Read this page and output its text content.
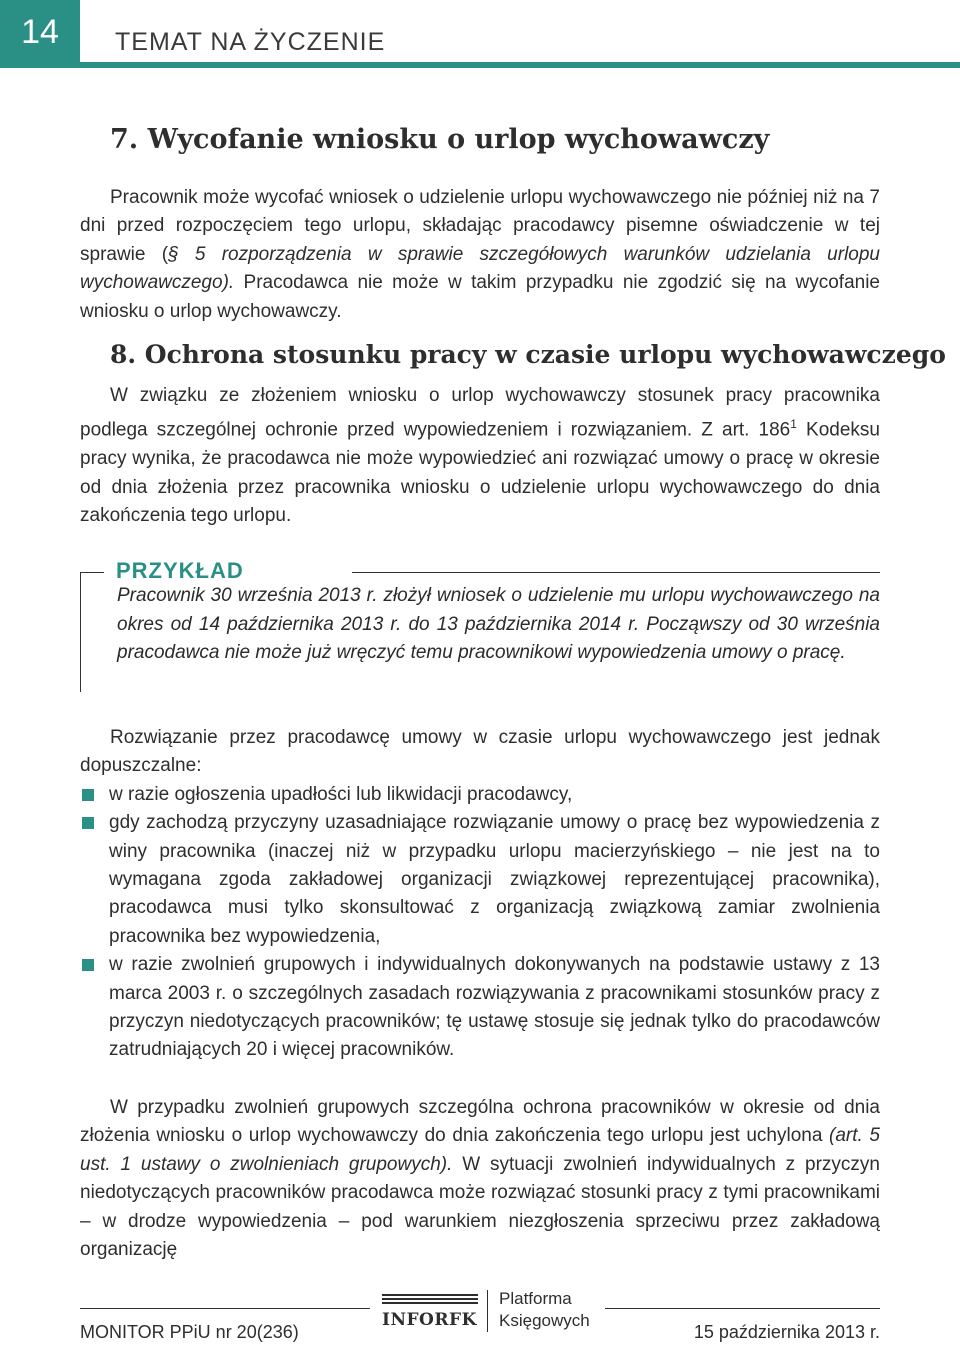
14	TEMAT NA ŻYCZENIE
7. Wycofanie wniosku o urlop wychowawczy

Pracownik może wycofać wniosek o udzielenie urlopu wychowawczego nie później niż na 7 dni przed rozpoczęciem tego urlopu, składając pracodawcy pisemne oświadczenie w tej sprawie (§ 5 rozporządzenia w sprawie szczegółowych warunków udzielania urlopu wychowawczego). Pracodawca nie może w takim przypadku nie zgodzić się na wycofanie wniosku o urlop wychowawczy.

8. Ochrona stosunku pracy w czasie urlopu wychowawczego

W związku ze złożeniem wniosku o urlop wychowawczy stosunek pracy pracownika podlega szczególnej ochronie przed wypowiedzeniem i rozwiązaniem. Z art. $186^1$ Kodeksu pracy wynika, że pracodawca nie może wypowiedzieć ani rozwiązać umowy o pracę w okresie od dnia złożenia przez pracownika wniosku o udzielenie urlopu wychowawczego do dnia zakończenia tego urlopu.

PRZYKŁAD

Pracownik 30 września 2013 r. złożył wniosek o udzielenie mu urlopu wychowawczego na okres od 14 października 2013 r. do 13 października 2014 r. Począwszy od 30 września pracodawca nie może już wręczyć temu pracownikowi wypowiedzenia umowy o pracę.

Rozwiązanie przez pracodawcę umowy w czasie urlopu wychowawczego jest jednak dopuszczalne:

w razie ogłoszenia upadłości lub likwidacji pracodawcy,
gdy zachodzą przyczyny uzasadniające rozwiązanie umowy o pracę bez wypowiedzenia z winy pracownika (inaczej niż w przypadku urlopu macierzyńskiego – nie jest na to wymagana zgoda zakładowej organizacji związkowej reprezentującej pracownika), pracodawca musi tylko skonsultować z organizacją związkową zamiar zwolnienia pracownika bez wypowiedzenia,
w razie zwolnień grupowych i indywidualnych dokonywanych na podstawie ustawy z 13 marca 2003 r. o szczególnych zasadach rozwiązywania z pracownikami stosunków pracy z przyczyn niedotyczących pracowników; tę ustawę stosuje się jednak tylko do pracodawców zatrudniających 20 i więcej pracowników.

W przypadku zwolnień grupowych szczególna ochrona pracowników w okresie od dnia złożenia wniosku o urlop wychowawczy do dnia zakończenia tego urlopu jest uchylona (art. 5 ust. 1 ustawy o zwolnieniach grupowych). W sytuacji zwolnień indywidualnych z przyczyn niedotyczących pracowników pracodawca może rozwiązać stosunki pracy z tymi pracownikami – w drodze wypowiedzenia – pod warunkiem niezgłoszenia sprzeciwu przez zakładową organizację

INFORFK
Platforma
Księgowych
MONITOR PPiU nr 20(236)	15 października 2013 r.
